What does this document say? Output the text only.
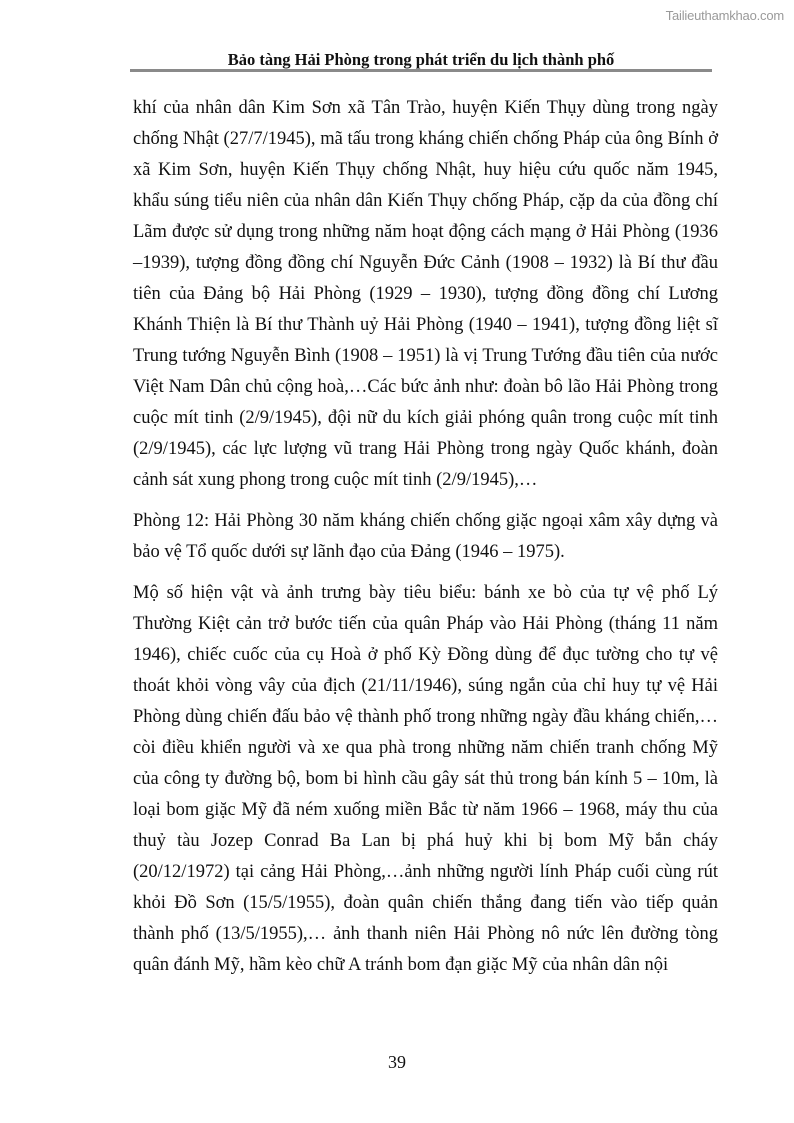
Tailieuthamkhao.com
Bảo tàng Hải Phòng trong phát triển du lịch thành phố

khí của nhân dân Kim Sơn xã Tân Trào, huyện Kiến Thụy dùng trong ngày chống Nhật (27/7/1945), mã tấu trong kháng chiến chống Pháp của ông Bính ở xã Kim Sơn, huyện Kiến Thụy chống Nhật, huy hiệu cứu quốc năm 1945, khẩu súng tiểu niên của nhân dân Kiến Thụy chống Pháp, cặp da của đồng chí Lãm được sử dụng trong những năm hoạt động cách mạng ở Hải Phòng (1936 –1939), tượng đồng đồng chí Nguyễn Đức Cảnh (1908 – 1932) là Bí thư đầu tiên của Đảng bộ Hải Phòng (1929 – 1930), tượng đồng đồng chí Lương Khánh Thiện là Bí thư Thành uỷ Hải Phòng (1940 – 1941), tượng đồng liệt sĩ Trung tướng Nguyễn Bình (1908 – 1951) là vị Trung Tướng đầu tiên của nước Việt Nam Dân chủ cộng hoà,…Các bức ảnh như: đoàn bô lão Hải Phòng trong cuộc mít tinh (2/9/1945), đội nữ du kích giải phóng quân trong cuộc mít tinh (2/9/1945), các lực lượng vũ trang Hải Phòng trong ngày Quốc khánh, đoàn cảnh sát xung phong trong cuộc mít tinh (2/9/1945),…

Phòng 12: Hải Phòng 30 năm kháng chiến chống giặc ngoại xâm xây dựng và bảo vệ Tổ quốc dưới sự lãnh đạo của Đảng (1946 – 1975).

Mộ số hiện vật và ảnh trưng bày tiêu biểu: bánh xe bò của tự vệ phố Lý Thường Kiệt cản trở bước tiến của quân Pháp vào Hải Phòng (tháng 11 năm 1946), chiếc cuốc của cụ Hoà ở phố Kỳ Đồng dùng để đục tường cho tự vệ thoát khỏi vòng vây của địch (21/11/1946), súng ngắn của chỉ huy tự vệ Hải Phòng dùng chiến đấu bảo vệ thành phố trong những ngày đầu kháng chiến,… còi điều khiển người và xe qua phà trong những năm chiến tranh chống Mỹ của công ty đường bộ, bom bi hình cầu gây sát thủ trong bán kính 5 – 10m, là loại bom giặc Mỹ đã ném xuống miền Bắc từ năm 1966 – 1968, máy thu của thuỷ tàu Jozep Conrad Ba Lan bị phá huỷ khi bị bom Mỹ bắn cháy (20/12/1972) tại cảng Hải Phòng,…ảnh những người lính Pháp cuối cùng rút khỏi Đồ Sơn (15/5/1955), đoàn quân chiến thắng đang tiến vào tiếp quản thành phố (13/5/1955),… ảnh thanh niên Hải Phòng nô nức lên đường tòng quân đánh Mỹ, hầm kèo chữ A tránh bom đạn giặc Mỹ của nhân dân nội

39
